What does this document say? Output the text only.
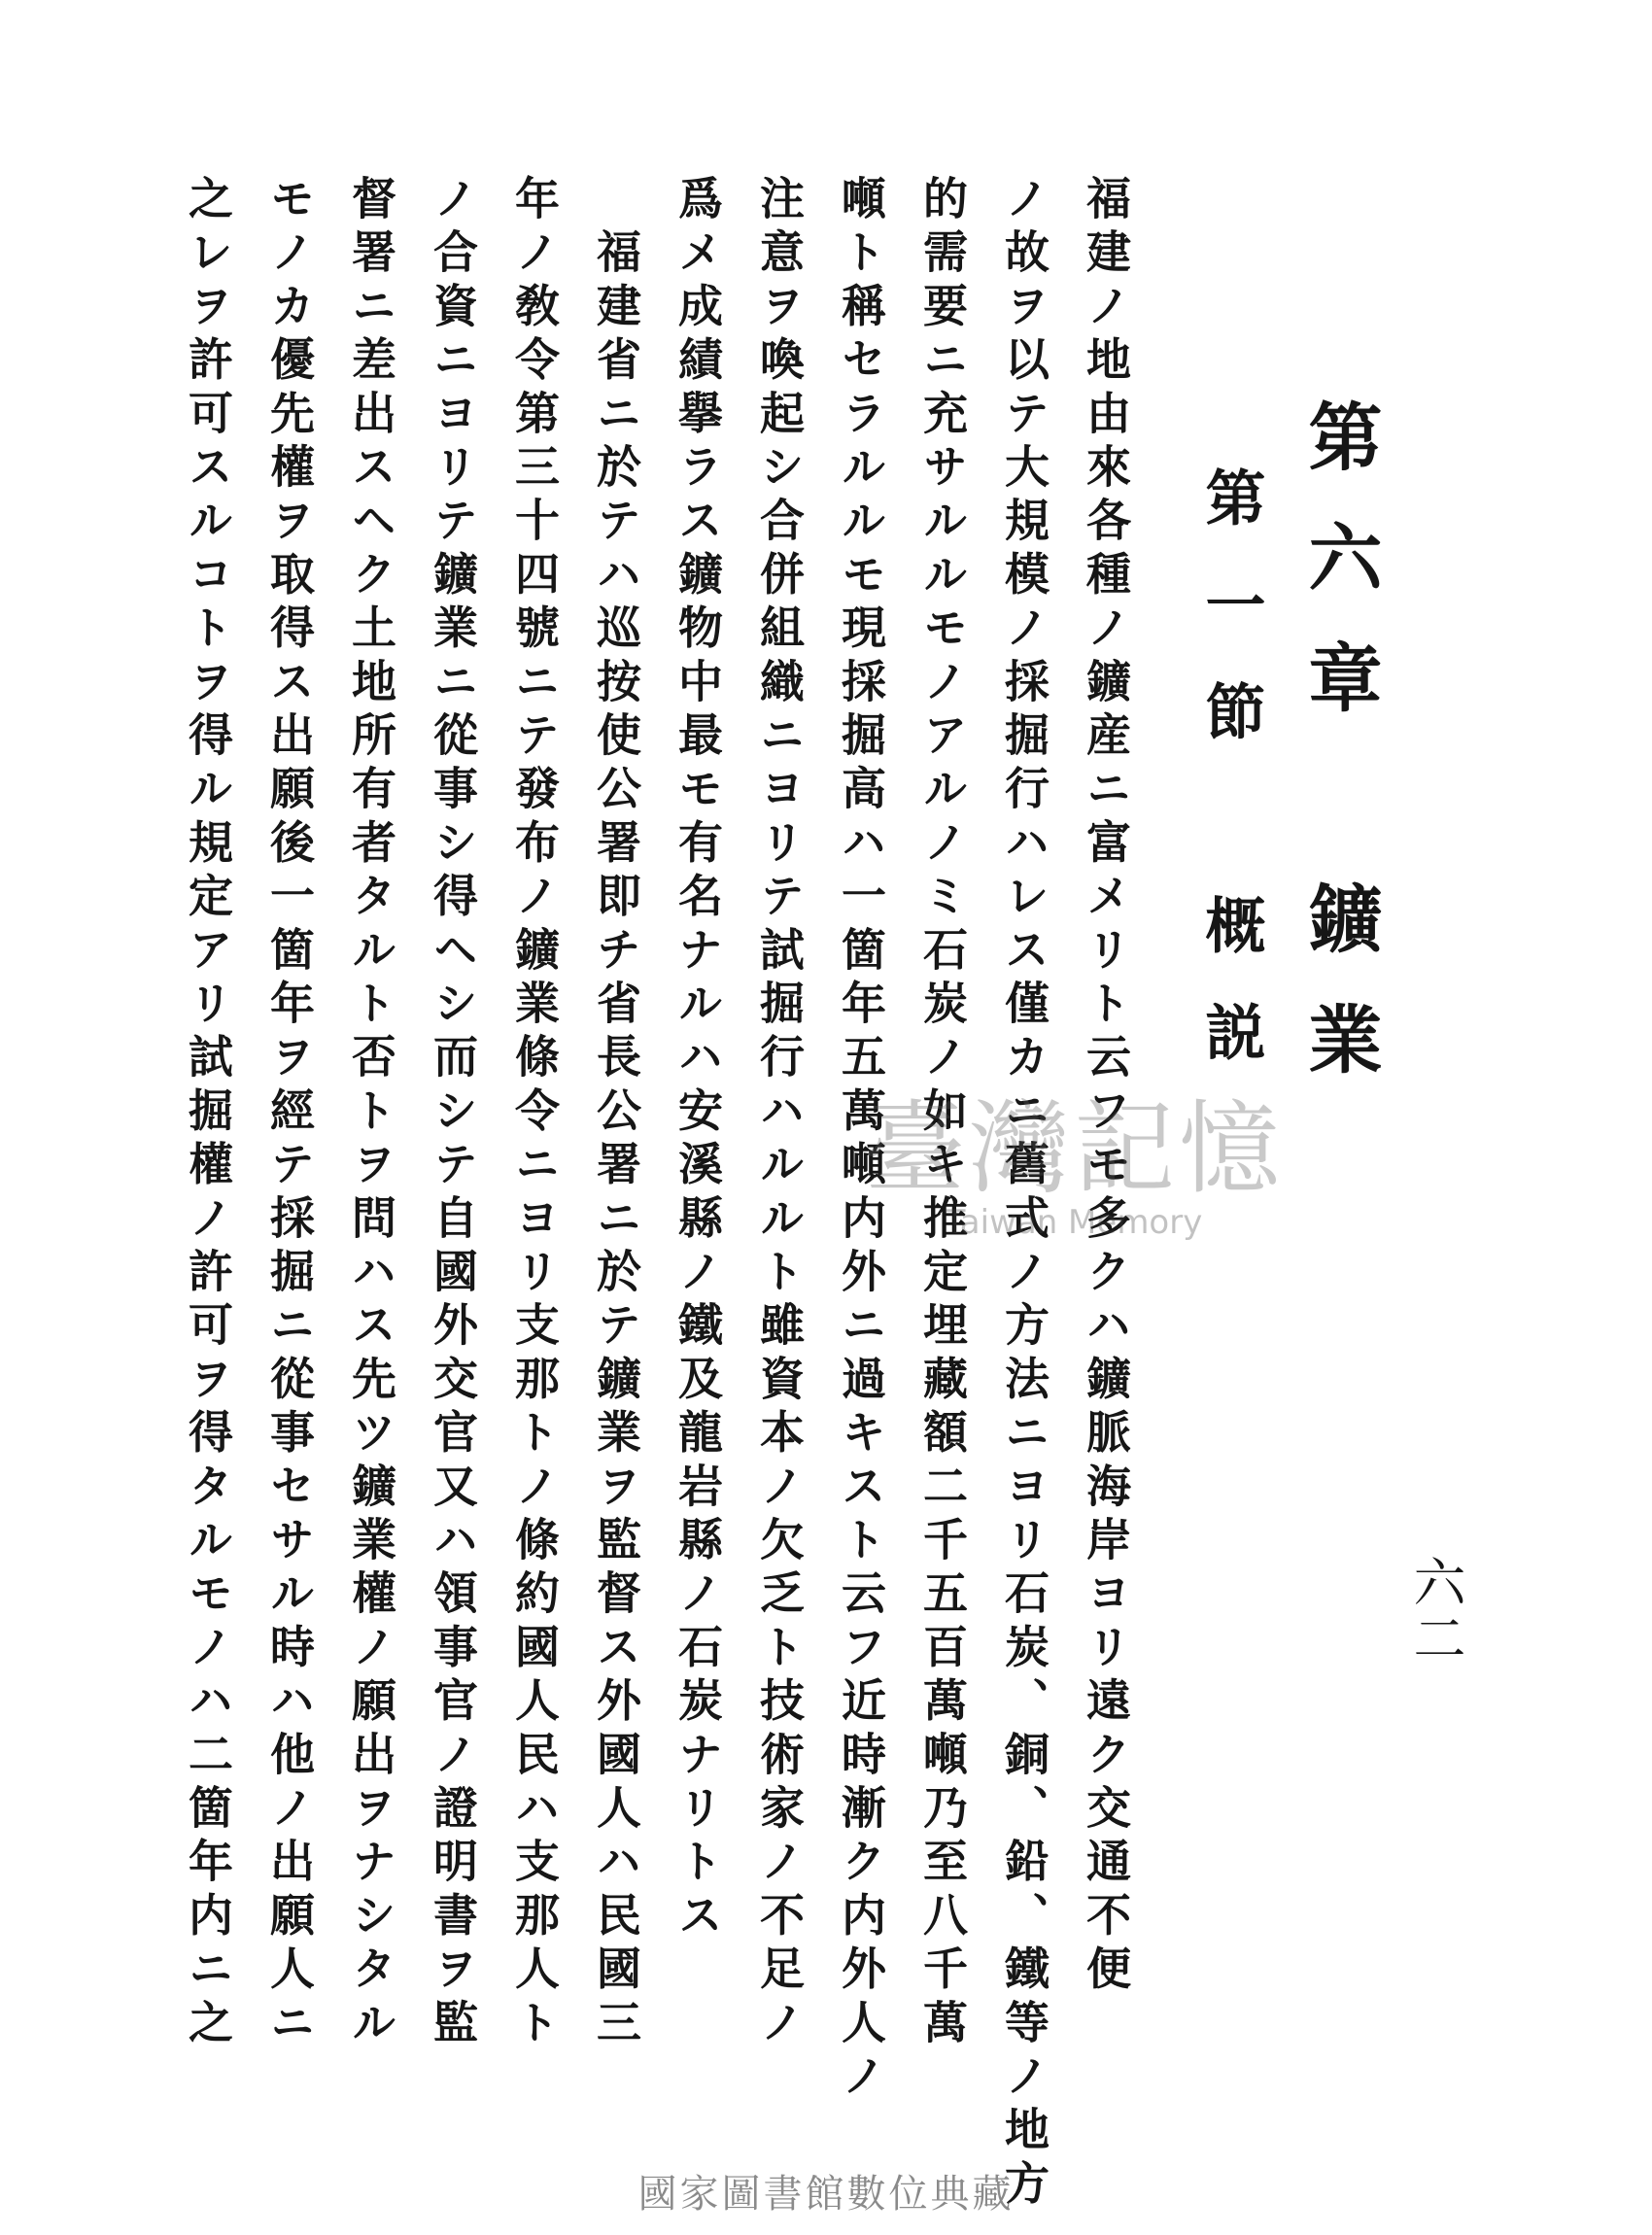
第六章　鑛業
第一節　概説
六二
福建ノ地由來各種ノ鑛産ニ富メリト云フモ多クハ鑛脈海岸ヨリ遠ク交通不便
ノ故ヲ以テ大規模ノ採掘行ハレス僅カニ舊式ノ方法ニヨリ石炭、銅、鉛、鐵等ノ地方
的需要ニ充サルルモノアルノミ石炭ノ如キ推定埋藏額二千五百萬噸乃至八千萬
噸ト稱セラルルモ現採掘高ハ一箇年五萬噸内外ニ過キスト云フ近時漸ク内外人ノ
注意ヲ喚起シ合併組織ニヨリテ試掘行ハルルト雖資本ノ欠乏ト技術家ノ不足ノ
爲メ成績擧ラス鑛物中最モ有名ナルハ安溪縣ノ鐵及龍岩縣ノ石炭ナリトス
　福建省ニ於テハ巡按使公署即チ省長公署ニ於テ鑛業ヲ監督ス外國人ハ民國三
年ノ敎令第三十四號ニテ發布ノ鑛業條令ニヨリ支那トノ條約國人民ハ支那人ト
ノ合資ニヨリテ鑛業ニ從事シ得ヘシ而シテ自國外交官又ハ領事官ノ證明書ヲ監
督署ニ差出スヘク土地所有者タルト否トヲ問ハス先ツ鑛業權ノ願出ヲナシタル
モノカ優先權ヲ取得ス出願後一箇年ヲ經テ採掘ニ從事セサル時ハ他ノ出願人ニ
之レヲ許可スルコトヲ得ル規定アリ試掘權ノ許可ヲ得タルモノハ二箇年内ニ之	臺灣記憶
Taiwan Memory
國家圖書館數位典藏
